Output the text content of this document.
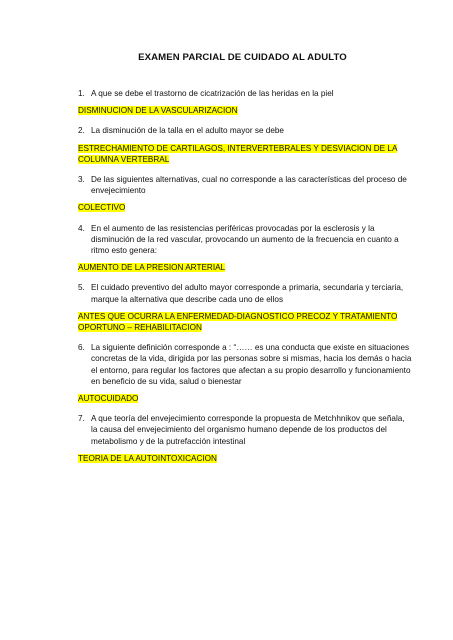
EXAMEN PARCIAL DE CUIDADO AL ADULTO
1. A que se debe el trastorno de cicatrización de las heridas en la piel
DISMINUCION DE LA VASCULARIZACION
2. La disminución de la talla en el adulto mayor se debe
ESTRECHAMIENTO DE CARTILAGOS, INTERVERTEBRALES Y DESVIACION DE LA COLUMNA VERTEBRAL
3. De las siguientes alternativas, cual no corresponde a las características del proceso de envejecimiento
COLECTIVO
4. En el aumento de las resistencias periféricas provocadas por la esclerosis y la disminución de la red vascular, provocando un aumento de la frecuencia en cuanto a ritmo esto genera:
AUMENTO DE LA PRESION ARTERIAL
5. El cuidado preventivo del adulto mayor corresponde a primaria, secundaria y terciaria, marque la alternativa que describe cada uno de ellos
ANTES QUE OCURRA LA ENFERMEDAD-DIAGNOSTICO PRECOZ Y TRATAMIENTO OPORTUNO – REHABILITACION
6. La siguiente definición corresponde a : “…… es una conducta que existe en situaciones concretas de la vida, dirigida por las personas sobre si mismas, hacia los demás o hacia el entorno, para regular los factores que afectan a su propio desarrollo y funcionamiento en beneficio de su vida, salud o bienestar
AUTOCUIDADO
7. A que teoría del envejecimiento corresponde la propuesta de Metchhnikov que señala, la causa del envejecimiento del organismo humano depende de los productos del metabolismo y de la putrefacción intestinal
TEORIA DE LA AUTOINTOXICACION
